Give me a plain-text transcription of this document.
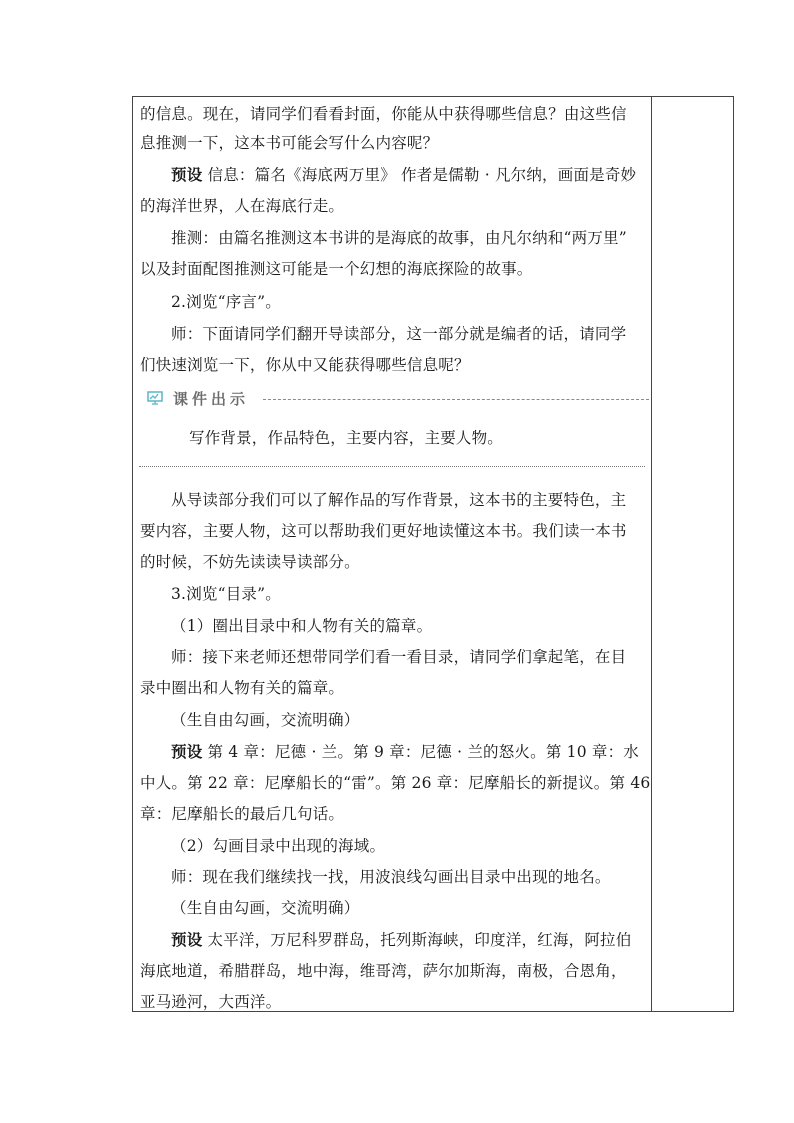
的信息。现在，请同学们看看封面，你能从中获得哪些信息？由这些信
息推测一下，这本书可能会写什么内容呢？
预设 信息：篇名《海底两万里》 作者是儒勒 · 凡尔纳，画面是奇妙
的海洋世界，人在海底行走。
推测：由篇名推测这本书讲的是海底的故事，由凡尔纳和“两万里”
以及封面配图推测这可能是一个幻想的海底探险的故事。
2.浏览“序言”。
师：下面请同学们翻开导读部分，这一部分就是编者的话，请同学
们快速浏览一下，你从中又能获得哪些信息呢？
课件出示
写作背景，作品特色，主要内容，主要人物。
从导读部分我们可以了解作品的写作背景，这本书的主要特色，主
要内容，主要人物，这可以帮助我们更好地读懂这本书。我们读一本书
的时候，不妨先读读导读部分。
3.浏览“目录”。
（1）圈出目录中和人物有关的篇章。
师：接下来老师还想带同学们看一看目录，请同学们拿起笔，在目
录中圈出和人物有关的篇章。
（生自由勾画，交流明确）
预设 第 4 章：尼德 · 兰。第 9 章：尼德 · 兰的怒火。第 10 章：水
中人。第 22 章：尼摩船长的“雷”。第 26 章：尼摩船长的新提议。第 46
章：尼摩船长的最后几句话。
（2）勾画目录中出现的海域。
师：现在我们继续找一找，用波浪线勾画出目录中出现的地名。
（生自由勾画，交流明确）
预设 太平洋，万尼科罗群岛，托列斯海峡，印度洋，红海，阿拉伯
海底地道，希腊群岛，地中海，维哥湾，萨尔加斯海，南极，合恩角，
亚马逊河，大西洋。
